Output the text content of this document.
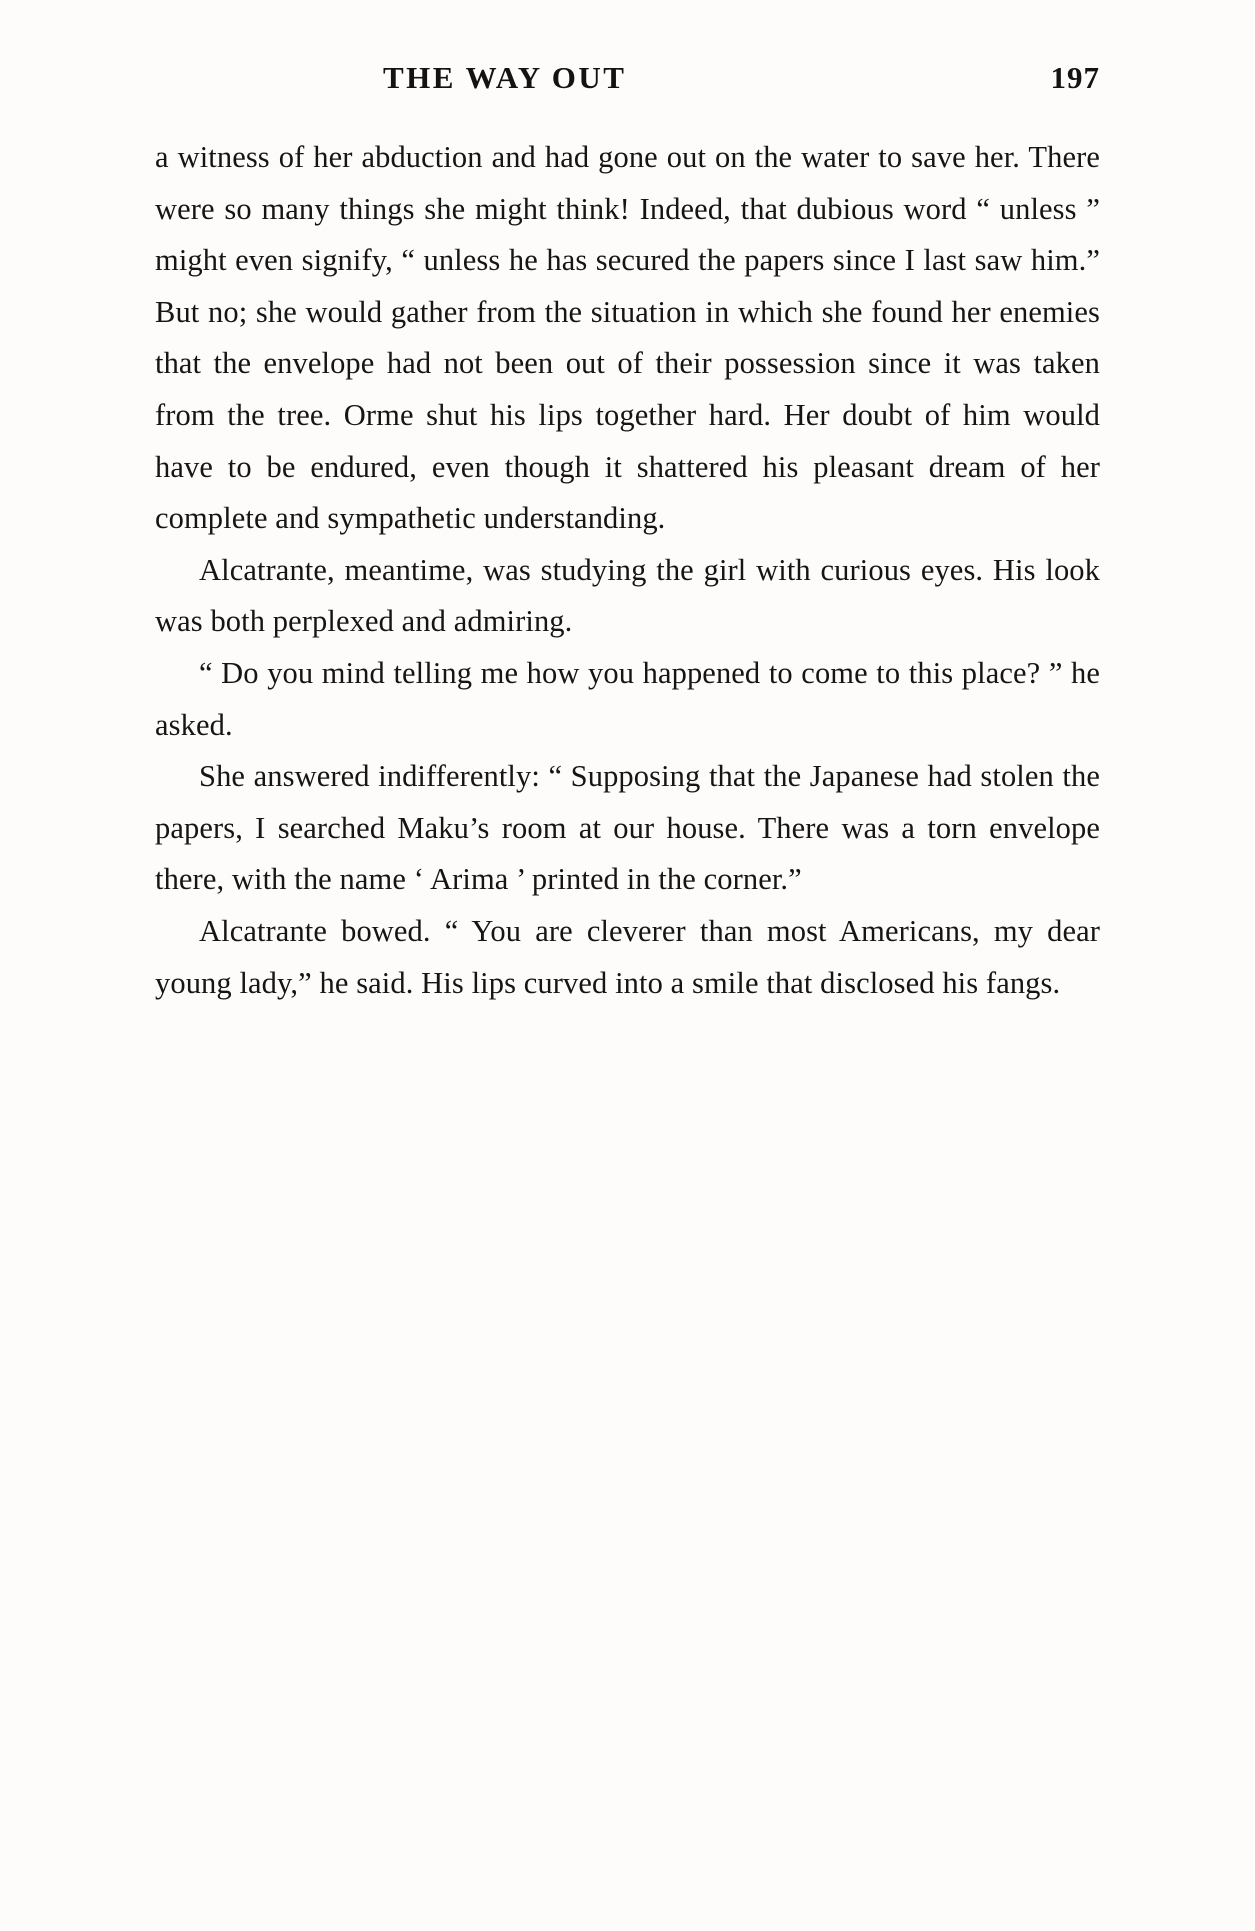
THE WAY OUT	197

a witness of her abduction and had gone out on the water to save her. There were so many things she might think! Indeed, that dubious word “ unless ” might even signify, “ unless he has secured the papers since I last saw him.” But no; she would gather from the situation in which she found her enemies that the envelope had not been out of their possession since it was taken from the tree. Orme shut his lips together hard. Her doubt of him would have to be endured, even though it shattered his pleasant dream of her complete and sympathetic understanding.

Alcatrante, meantime, was studying the girl with curious eyes. His look was both perplexed and admiring.

“ Do you mind telling me how you happened to come to this place? ” he asked.

She answered indifferently: “ Supposing that the Japanese had stolen the papers, I searched Maku’s room at our house. There was a torn envelope there, with the name ‘ Arima ’ printed in the corner.”

Alcatrante bowed. “ You are cleverer than most Americans, my dear young lady,” he said. His lips curved into a smile that disclosed his fangs.
